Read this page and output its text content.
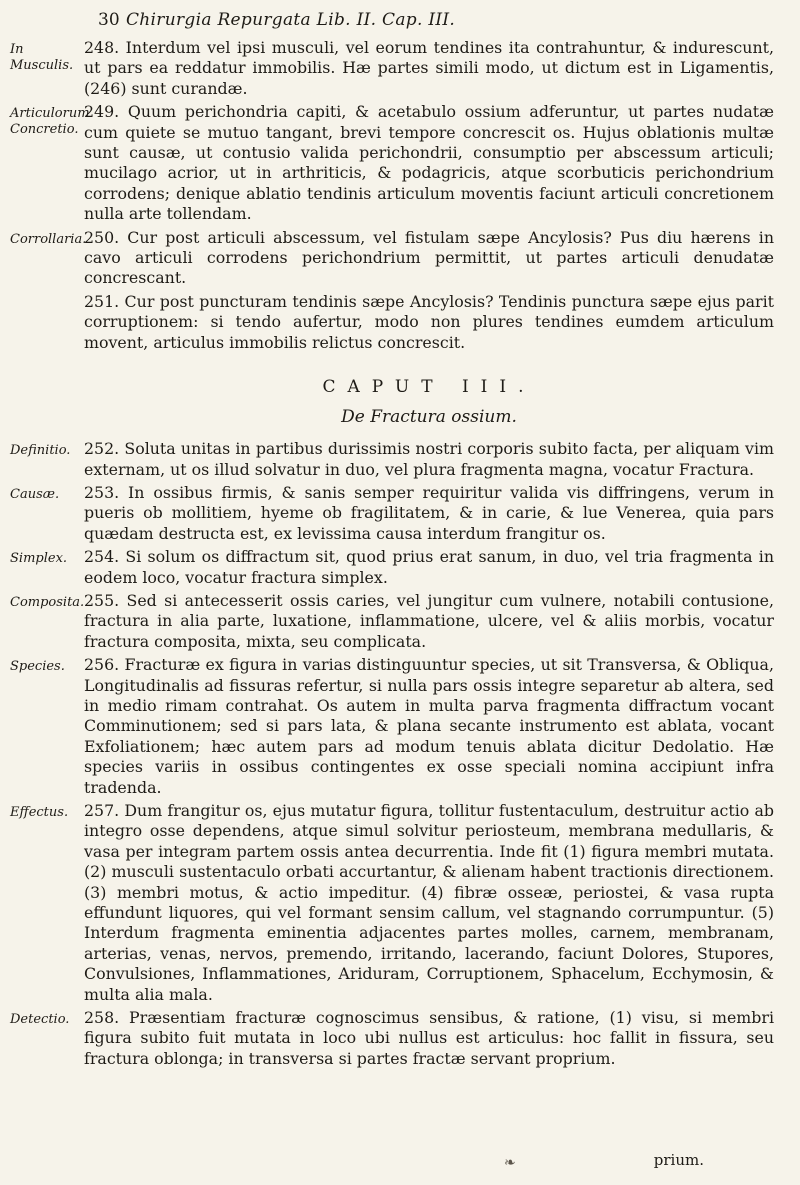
30 Chirurgia Repurgata Lib. II. Cap. III.
In Musculis.
248. Interdum vel ipsi musculi, vel eorum tendines ita contrahuntur, & indurescunt, ut pars ea reddatur immobilis. Hæ partes simili modo, ut dictum est in Ligamentis, (246) sunt curandæ.
Articulorum Concretio.
249. Quum perichondria capiti, & acetabulo ossium adferuntur, ut partes nudatæ cum quiete se mutuo tangant, brevi tempore concrescit os. Hujus oblationis multæ sunt causæ, ut contusio valida perichondrii, consumptio per abscessum articuli; mucilago acrior, ut in arthriticis, & podagricis, atque scorbuticis perichondrium corrodens; denique ablatio tendinis articulum moventis faciunt articuli concretionem nulla arte tollendam.
Corrollaria.
250. Cur post articuli abscessum, vel fistulam sæpe Ancylosis? Pus diu hærens in cavo articuli corrodens perichondrium permittit, ut partes articuli denudatæ concrescant.
251. Cur post puncturam tendinis sæpe Ancylosis? Tendinis punctura sæpe ejus parit corruptionem: si tendo aufertur, modo non plures tendines eumdem articulum movent, articulus immobilis relictus concrescit.
CAPUT III.
De Fractura ossium.
Definitio. 252. Soluta unitas in partibus durissimis nostri corporis subito facta, per aliquam vim externam, ut os illud solvatur in duo, vel plura fragmenta magna, vocatur Fractura.
Causæ.	253. In ossibus firmis, & sanis semper requiritur valida vis diffringens, verum in pueris ob mollitiem, hyeme ob fragilitatem, & in carie, & lue Venerea, quia pars quædam destructa est, ex levissima causa interdum frangitur os.
Simplex.	254. Si solum os diffractum sit, quod prius erat sanum, in duo, vel tria fragmenta in eodem loco, vocatur fractura simplex.
Composita. 255. Sed si antecesserit ossis caries, vel jungitur cum vulnere, notabili contusione, fractura in alia parte, luxatione, inflammatione, ulcere, vel & aliis morbis, vocatur fractura composita, mixta, seu complicata.
Species.	256. Fracturæ ex figura in varias distinguuntur species, ut sit Transversa, & Obliqua, Longitudinalis ad fissuras refertur, si nulla pars ossis integre separetur ab altera, sed in medio rimam contrahat. Os autem in multa parva fragmenta diffractum vocant Comminutionem; sed si pars lata, & plana secante instrumento est ablata, vocant Exfoliationem; hæc autem pars ad modum tenuis ablata dicitur Dedolatio. Hæ species variis in ossibus contingentes ex osse speciali nomina accipiunt infra tradenda.
Effectus.	257. Dum frangitur os, ejus mutatur figura, tollitur fustentaculum, destruitur actio ab integro osse dependens, atque simul solvitur periosteum, membrana medullaris, & vasa per integram partem ossis antea decurrentia. Inde fit (1) figura membri mutata. (2) musculi sustentaculo orbati accurtantur, & alienam habent tractionis directionem. (3) membri motus, & actio impeditur. (4) fibræ osseæ, periostei, & vasa rupta effundunt liquores, qui vel formant sensim callum, vel stagnando corrumpuntur. (5) Interdum fragmenta eminentia adjacentes partes molles, carnem, membranam, arterias, venas, nervos, premendo, irritando, lacerando, faciunt Dolores, Stupores, Convulsiones, Inflammationes, Ariduram, Corruptionem, Sphacelum, Ecchymosin, & multa alia mala.
Detectio. 258. Præsentiam fracturæ cognoscimus sensibus, & ratione, (1) visu, si membri figura subito fuit mutata in loco ubi nullus est articulus: hoc fallit in fissura, seu fractura oblonga; in transversa si partes fractæ servant proprium.
❧	prium.
